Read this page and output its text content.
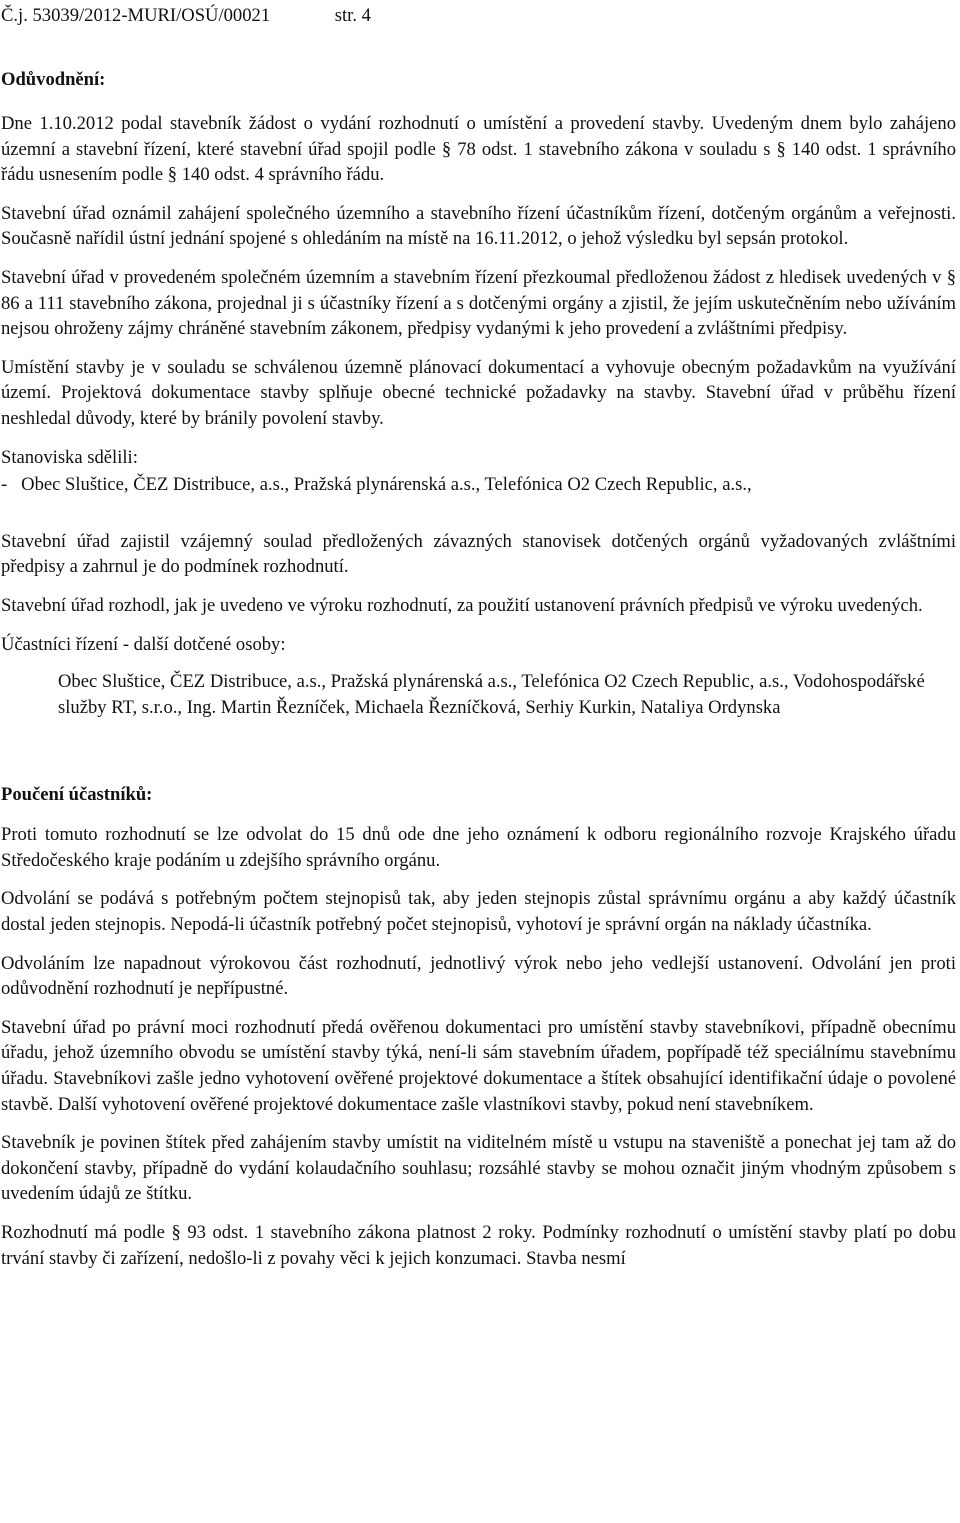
Č.j. 53039/2012-MURI/OSÚ/00021	str. 4
Odůvodnění:

Dne 1.10.2012 podal stavebník žádost o vydání rozhodnutí o umístění a provedení stavby. Uvedeným dnem bylo zahájeno územní a stavební řízení, které stavební úřad spojil podle § 78 odst. 1 stavebního zákona v souladu s § 140 odst. 1 správního řádu usnesením podle § 140 odst. 4 správního řádu.

Stavební úřad oznámil zahájení společného územního a stavebního řízení účastníkům řízení, dotčeným orgánům a veřejnosti. Současně nařídil ústní jednání spojené s ohledáním na místě na 16.11.2012, o jehož výsledku byl sepsán protokol.

Stavební úřad v provedeném společném územním a stavebním řízení přezkoumal předloženou žádost z hledisek uvedených v § 86 a 111 stavebního zákona, projednal ji s účastníky řízení a s dotčenými orgány a zjistil, že jejím uskutečněním nebo užíváním nejsou ohroženy zájmy chráněné stavebním zákonem, předpisy vydanými k jeho provedení a zvláštními předpisy.

Umístění stavby je v souladu se schválenou územně plánovací dokumentací a vyhovuje obecným požadavkům na využívání území. Projektová dokumentace stavby splňuje obecné technické požadavky na stavby. Stavební úřad v průběhu řízení neshledal důvody, které by bránily povolení stavby.

Stanoviska sdělili:

-   Obec Sluštice, ČEZ Distribuce, a.s., Pražská plynárenská a.s., Telefónica O2 Czech Republic, a.s.,

Stavební úřad zajistil vzájemný soulad předložených závazných stanovisek dotčených orgánů vyžadovaných zvláštními předpisy a zahrnul je do podmínek rozhodnutí.

Stavební úřad rozhodl, jak je uvedeno ve výroku rozhodnutí, za použití ustanovení právních předpisů ve výroku uvedených.

Účastníci řízení - další dotčené osoby:

Obec Sluštice, ČEZ Distribuce, a.s., Pražská plynárenská a.s., Telefónica O2 Czech Republic, a.s., Vodohospodářské služby RT, s.r.o., Ing. Martin Řezníček, Michaela Řezníčková, Serhiy Kurkin, Nataliya Ordynska
Poučení účastníků:

Proti tomuto rozhodnutí se lze odvolat do 15 dnů ode dne jeho oznámení k odboru regionálního rozvoje Krajského úřadu Středočeského kraje podáním u zdejšího správního orgánu.

Odvolání se podává s potřebným počtem stejnopisů tak, aby jeden stejnopis zůstal správnímu orgánu a aby každý účastník dostal jeden stejnopis. Nepodá-li účastník potřebný počet stejnopisů, vyhotoví je správní orgán na náklady účastníka.

Odvoláním lze napadnout výrokovou část rozhodnutí, jednotlivý výrok nebo jeho vedlejší ustanovení. Odvolání jen proti odůvodnění rozhodnutí je nepřípustné.

Stavební úřad po právní moci rozhodnutí předá ověřenou dokumentaci pro umístění stavby stavebníkovi, případně obecnímu úřadu, jehož územního obvodu se umístění stavby týká, není-li sám stavebním úřadem, popřípadě též speciálnímu stavebnímu úřadu. Stavebníkovi zašle jedno vyhotovení ověřené projektové dokumentace a štítek obsahující identifikační údaje o povolené stavbě. Další vyhotovení ověřené projektové dokumentace zašle vlastníkovi stavby, pokud není stavebníkem.

Stavebník je povinen štítek před zahájením stavby umístit na viditelném místě u vstupu na staveniště a ponechat jej tam až do dokončení stavby, případně do vydání kolaudačního souhlasu; rozsáhlé stavby se mohou označit jiným vhodným způsobem s uvedením údajů ze štítku.

Rozhodnutí má podle § 93 odst. 1 stavebního zákona platnost 2 roky. Podmínky rozhodnutí o umístění stavby platí po dobu trvání stavby či zařízení, nedošlo-li z povahy věci k jejich konzumaci. Stavba nesmí
